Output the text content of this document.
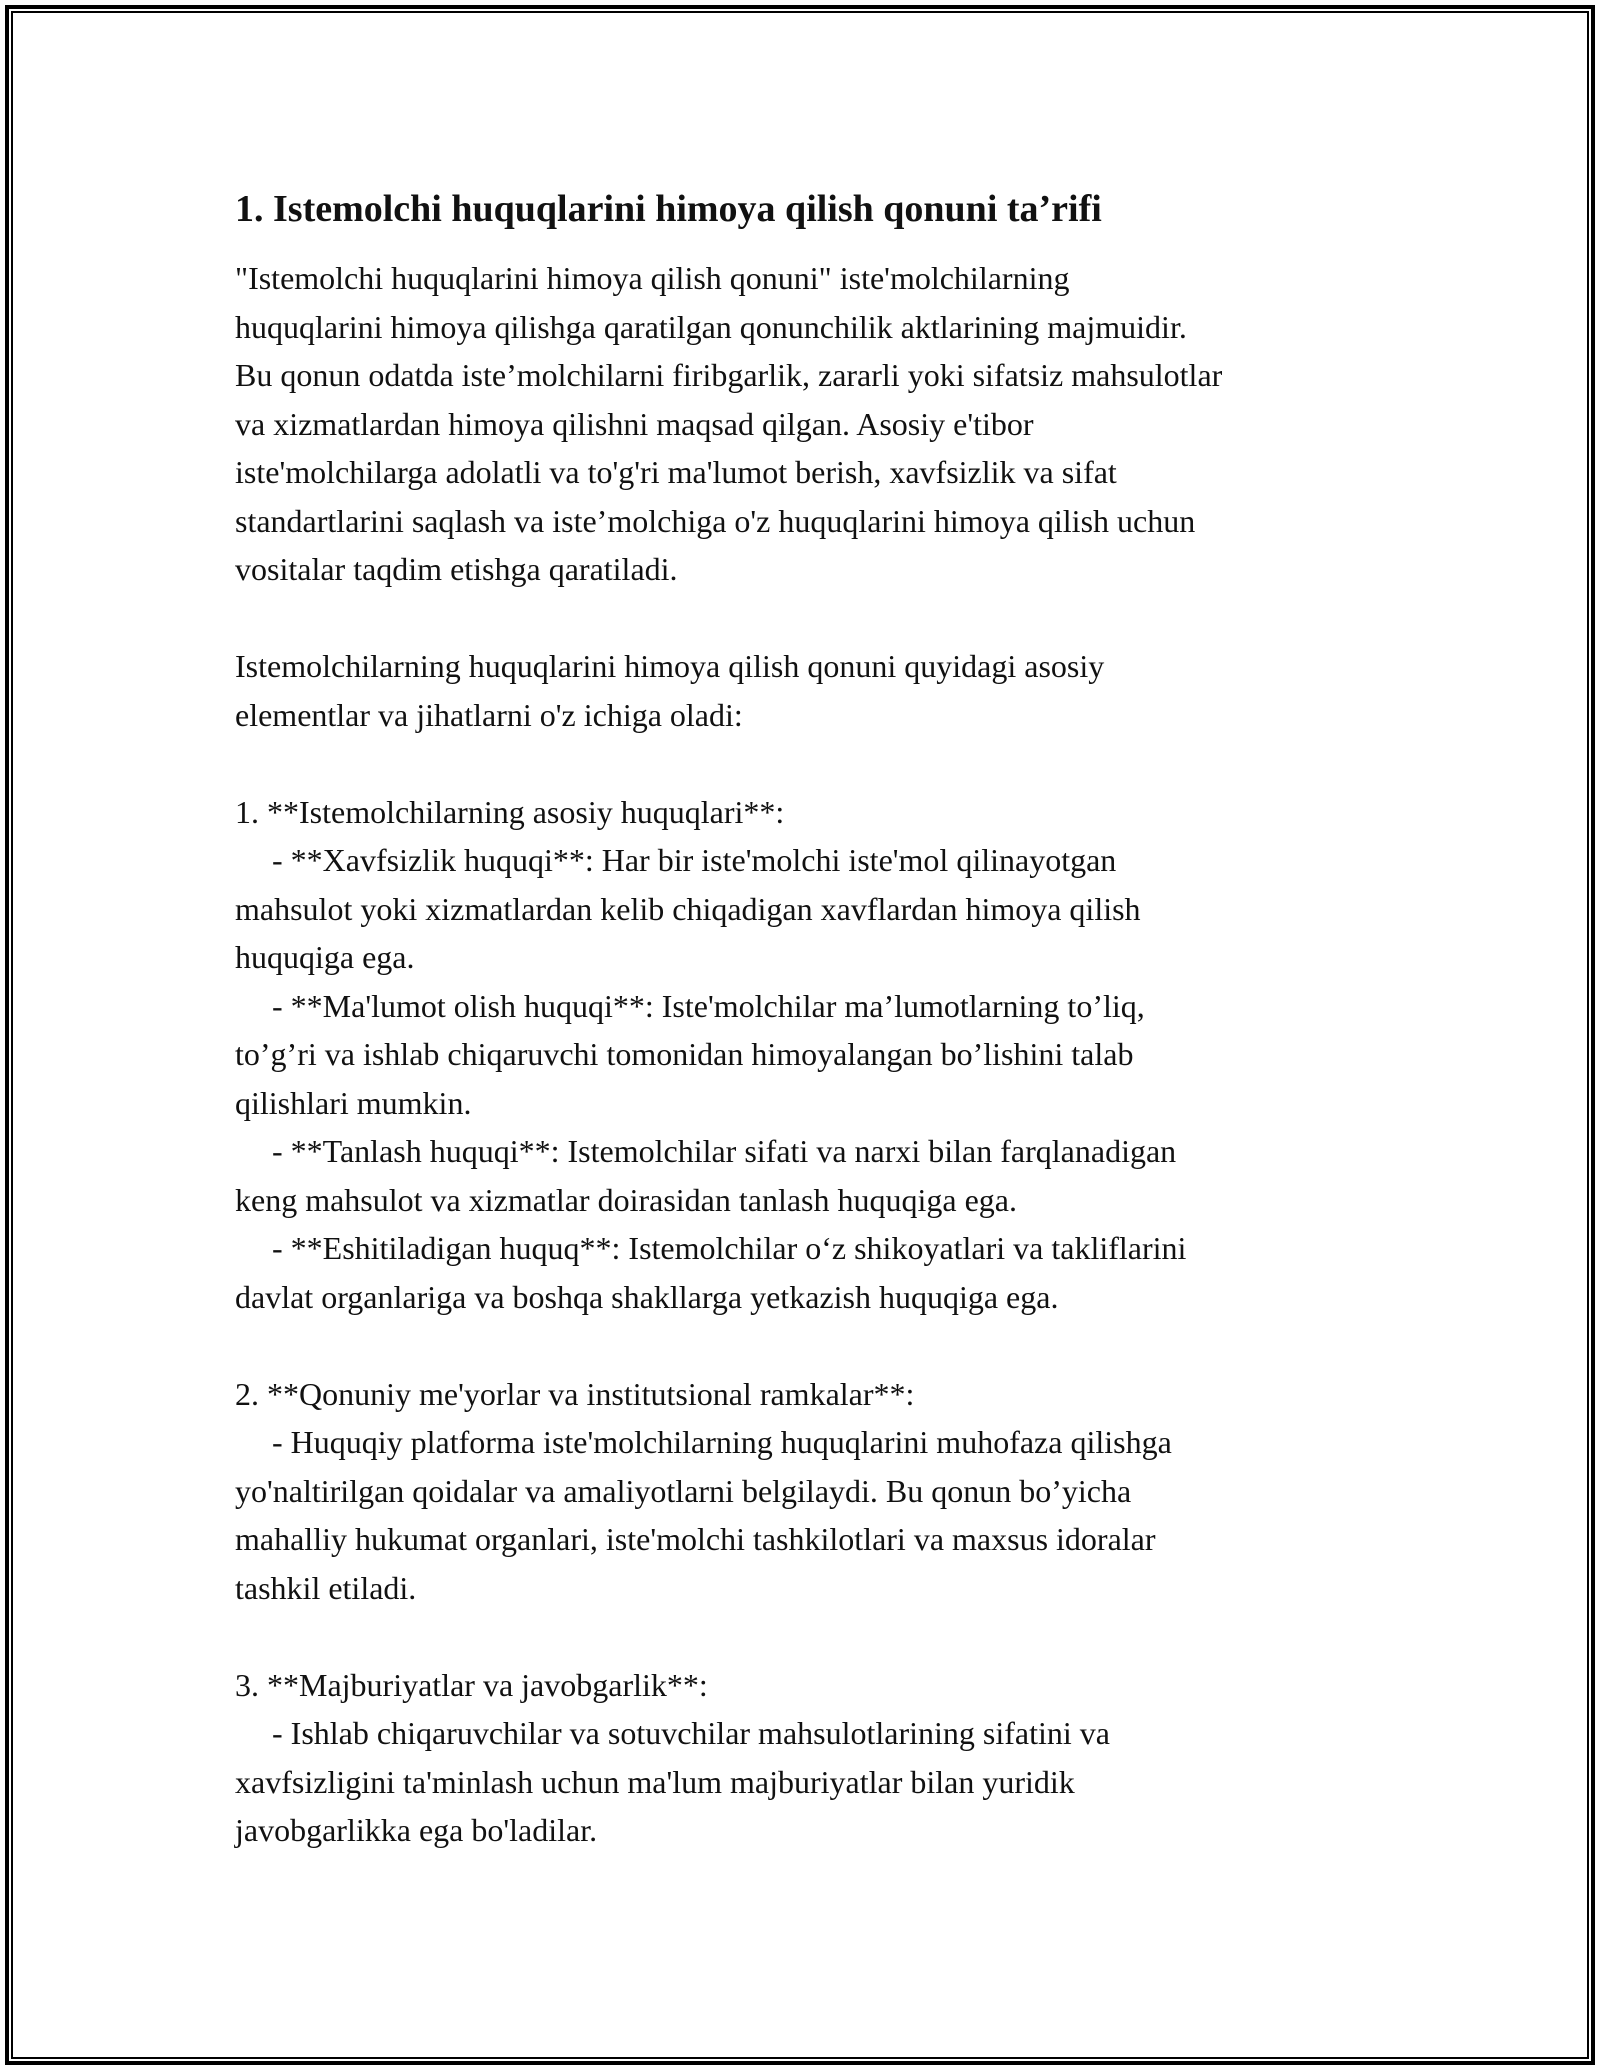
1. Istemolchi huquqlarini himoya qilish qonuni ta’rifi
"Istemolchi huquqlarini himoya qilish qonuni" iste'molchilarning
huquqlarini himoya qilishga qaratilgan qonunchilik aktlarining majmuidir.
Bu qonun odatda iste’molchilarni firibgarlik, zararli yoki sifatsiz mahsulotlar
va xizmatlardan himoya qilishni maqsad qilgan. Asosiy e'tibor
iste'molchilarga adolatli va to'g'ri ma'lumot berish, xavfsizlik va sifat
standartlarini saqlash va iste’molchiga o'z huquqlarini himoya qilish uchun
vositalar taqdim etishga qaratiladi.
Istemolchilarning huquqlarini himoya qilish qonuni quyidagi asosiy
elementlar va jihatlarni o'z ichiga oladi:
1. **Istemolchilarning asosiy huquqlari**:
- **Xavfsizlik huquqi**: Har bir iste'molchi iste'mol qilinayotgan
mahsulot yoki xizmatlardan kelib chiqadigan xavflardan himoya qilish
huquqiga ega.
- **Ma'lumot olish huquqi**: Iste'molchilar ma’lumotlarning to’liq,
to’g’ri va ishlab chiqaruvchi tomonidan himoyalangan bo’lishini talab
qilishlari mumkin.
- **Tanlash huquqi**: Istemolchilar sifati va narxi bilan farqlanadigan
keng mahsulot va xizmatlar doirasidan tanlash huquqiga ega.
- **Eshitiladigan huquq**: Istemolchilar o‘z shikoyatlari va takliflarini
davlat organlariga va boshqa shakllarga yetkazish huquqiga ega.
2. **Qonuniy me'yorlar va institutsional ramkalar**:
- Huquqiy platforma iste'molchilarning huquqlarini muhofaza qilishga
yo'naltirilgan qoidalar va amaliyotlarni belgilaydi. Bu qonun bo’yicha
mahalliy hukumat organlari, iste'molchi tashkilotlari va maxsus idoralar
tashkil etiladi.
3. **Majburiyatlar va javobgarlik**:
- Ishlab chiqaruvchilar va sotuvchilar mahsulotlarining sifatini va
xavfsizligini ta'minlash uchun ma'lum majburiyatlar bilan yuridik
javobgarlikka ega bo'ladilar.
